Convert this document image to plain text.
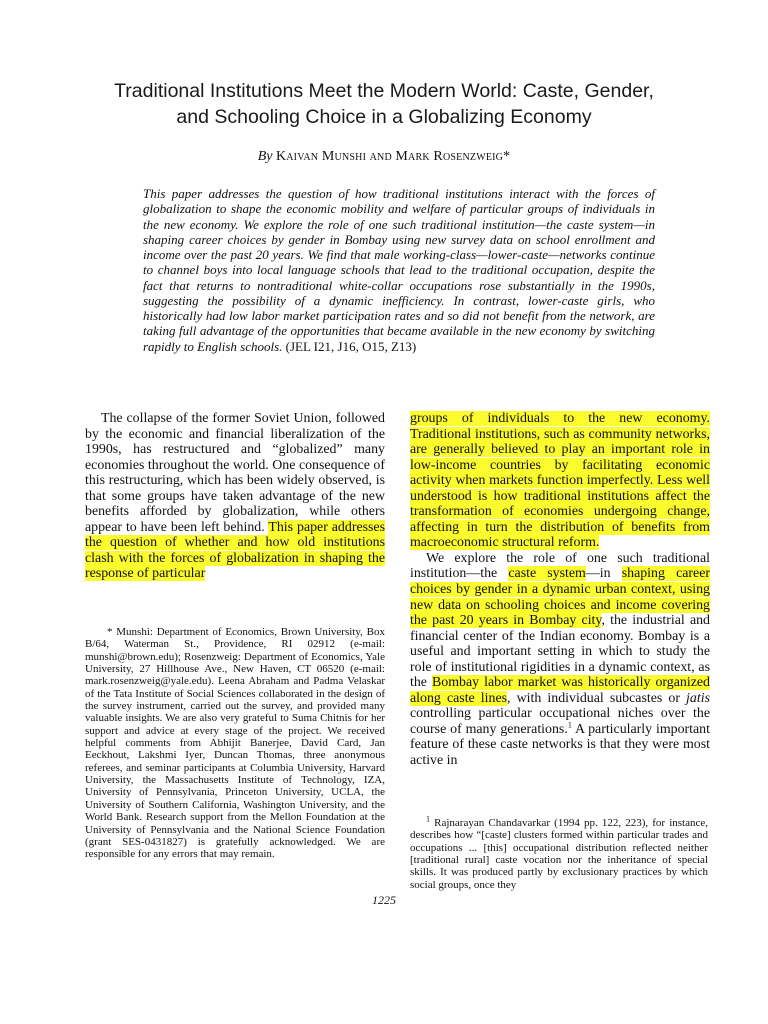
Traditional Institutions Meet the Modern World: Caste, Gender,
and Schooling Choice in a Globalizing Economy
By Kaivan Munshi and Mark Rosenzweig*
This paper addresses the question of how traditional institutions interact with the forces of globalization to shape the economic mobility and welfare of particular groups of individuals in the new economy. We explore the role of one such traditional institution—the caste system—in shaping career choices by gender in Bombay using new survey data on school enrollment and income over the past 20 years. We find that male working-class—lower-caste—networks continue to channel boys into local language schools that lead to the traditional occupation, despite the fact that returns to nontraditional white-collar occupations rose substantially in the 1990s, suggesting the possibility of a dynamic inefficiency. In contrast, lower-caste girls, who historically had low labor market participation rates and so did not benefit from the network, are taking full advantage of the opportunities that became available in the new economy by switching rapidly to English schools. (JEL I21, J16, O15, Z13)

The collapse of the former Soviet Union, followed by the economic and financial liberalization of the 1990s, has restructured and “globalized” many economies throughout the world. One consequence of this restructuring, which has been widely observed, is that some groups have taken advantage of the new benefits afforded by globalization, while others appear to have been left behind. This paper addresses the question of whether and how old institutions clash with the forces of globalization in shaping the response of particular

* Munshi: Department of Economics, Brown University, Box B/64, Waterman St., Providence, RI 02912 (e-mail: munshi@brown.edu); Rosenzweig: Department of Economics, Yale University, 27 Hillhouse Ave., New Haven, CT 06520 (e-mail: mark.rosenzweig@yale.edu). Leena Abraham and Padma Velaskar of the Tata Institute of Social Sciences collaborated in the design of the survey instrument, carried out the survey, and provided many valuable insights. We are also very grateful to Suma Chitnis for her support and advice at every stage of the project. We received helpful comments from Abhijit Banerjee, David Card, Jan Eeckhout, Lakshmi Iyer, Duncan Thomas, three anonymous referees, and seminar participants at Columbia University, Harvard University, the Massachusetts Institute of Technology, IZA, University of Pennsylvania, Princeton University, UCLA, the University of Southern California, Washington University, and the World Bank. Research support from the Mellon Foundation at the University of Pennsylvania and the National Science Foundation (grant SES-0431827) is gratefully acknowledged. We are responsible for any errors that may remain.

groups of individuals to the new economy. Traditional institutions, such as community networks, are generally believed to play an important role in low-income countries by facilitating economic activity when markets function imperfectly. Less well understood is how traditional institutions affect the transformation of economies undergoing change, affecting in turn the distribution of benefits from macroeconomic structural reform.

We explore the role of one such traditional institution—the caste system—in shaping career choices by gender in a dynamic urban context, using new data on schooling choices and income covering the past 20 years in Bombay city, the industrial and financial center of the Indian economy. Bombay is a useful and important setting in which to study the role of institutional rigidities in a dynamic context, as the Bombay labor market was historically organized along caste lines, with individual subcastes or jatis controlling particular occupational niches over the course of many generations.$^1$ A particularly important feature of these caste networks is that they were most active in

$^1$ Rajnarayan Chandavarkar (1994 pp. 122, 223), for instance, describes how “[caste] clusters formed within particular trades and occupations ... [this] occupational distribution reflected neither [traditional rural] caste vocation nor the inheritance of special skills. It was produced partly by exclusionary practices by which social groups, once they

1225
